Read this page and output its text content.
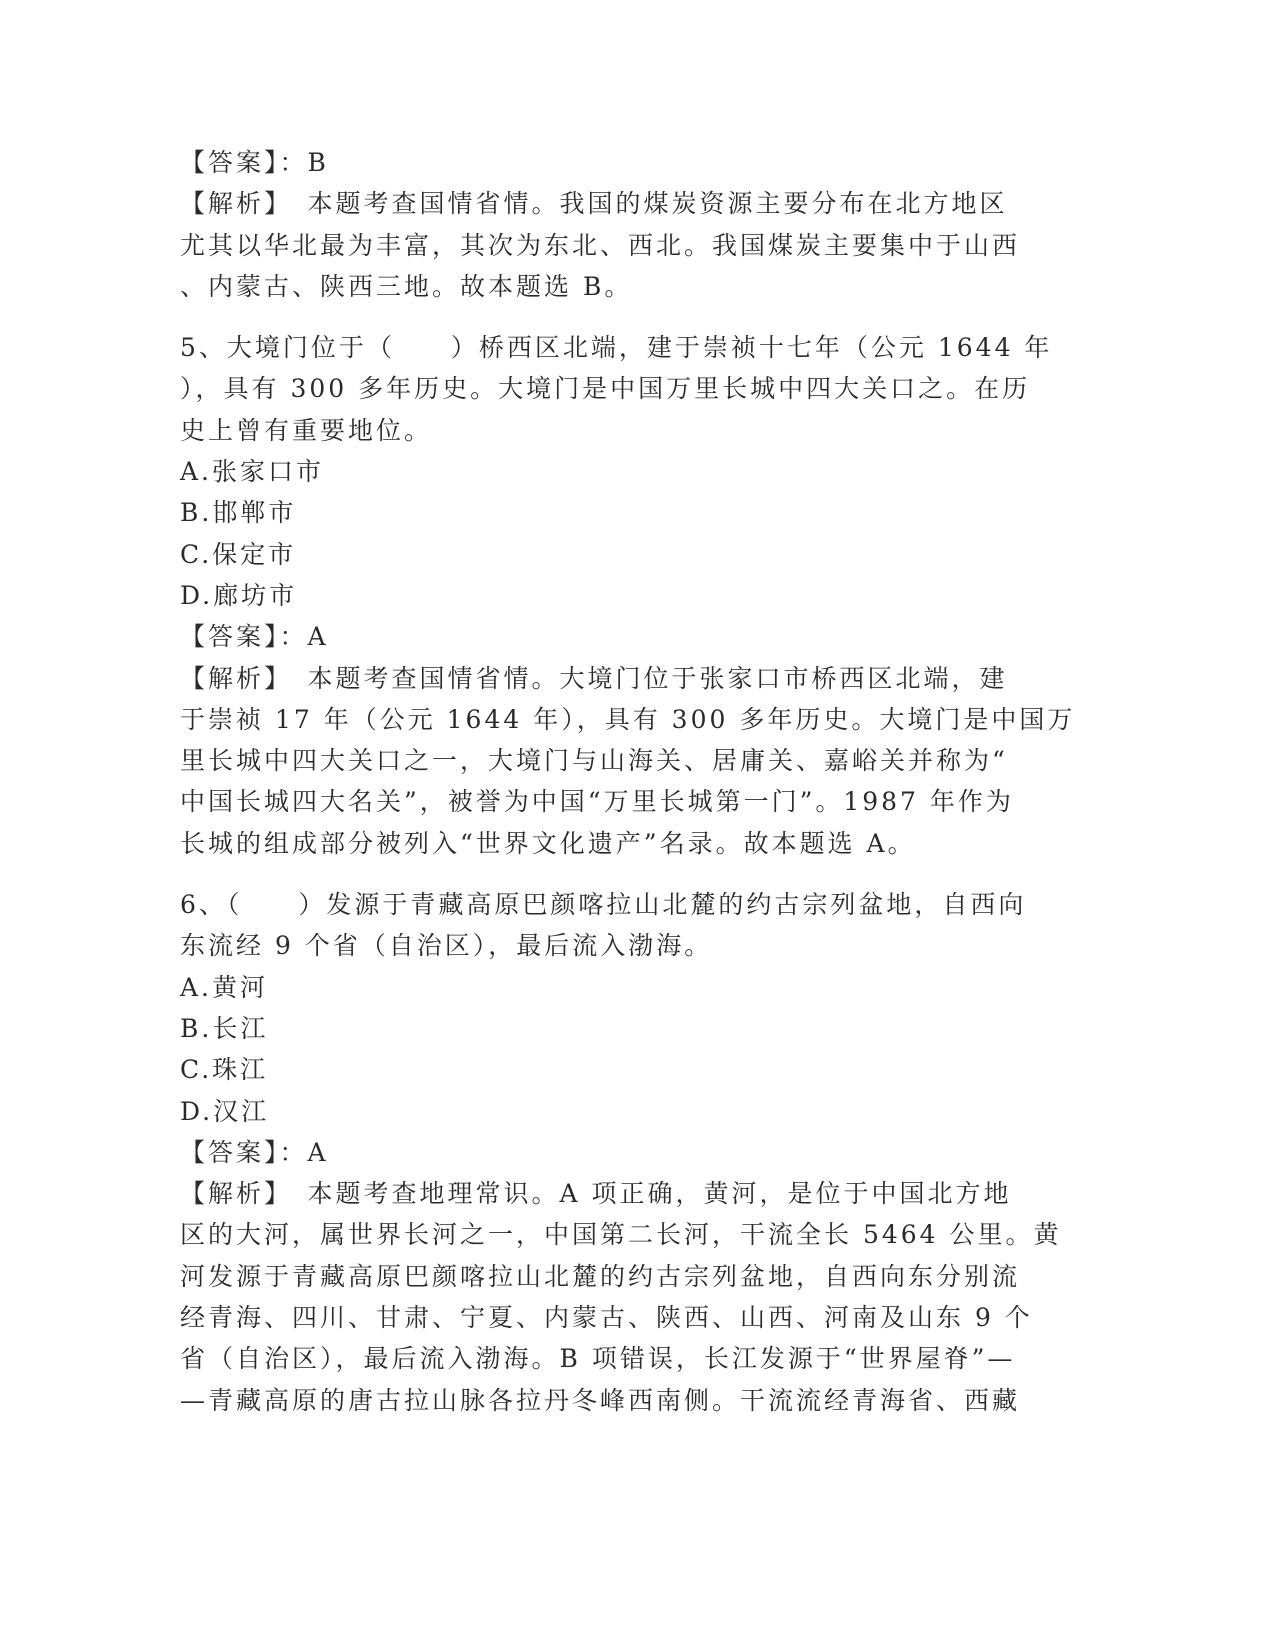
【答案】：B

【解析】　本题考查国情省情。我国的煤炭资源主要分布在北方地区

尤其以华北最为丰富，其次为东北、西北。我国煤炭主要集中于山西

、内蒙古、陕西三地。故本题选 B。

5、大境门位于（　　）桥西区北端，建于崇祯十七年（公元 1644 年

），具有 300 多年历史。大境门是中国万里长城中四大关口之。在历

史上曾有重要地位。

A.张家口市

B.邯郸市

C.保定市

D.廊坊市

【答案】：A

【解析】　本题考查国情省情。大境门位于张家口市桥西区北端，建

于崇祯 17 年（公元 1644 年），具有 300 多年历史。大境门是中国万

里长城中四大关口之一，大境门与山海关、居庸关、嘉峪关并称为“

中国长城四大名关”，被誉为中国“万里长城第一门”。1987 年作为

长城的组成部分被列入“世界文化遗产”名录。故本题选 A。

6、（　　）发源于青藏高原巴颜喀拉山北麓的约古宗列盆地，自西向

东流经 9 个省（自治区），最后流入渤海。

A.黄河

B.长江

C.珠江

D.汉江

【答案】：A

【解析】　本题考查地理常识。A 项正确，黄河，是位于中国北方地

区的大河，属世界长河之一，中国第二长河，干流全长 5464 公里。黄

河发源于青藏高原巴颜喀拉山北麓的约古宗列盆地，自西向东分别流

经青海、四川、甘肃、宁夏、内蒙古、陕西、山西、河南及山东 9 个

省（自治区），最后流入渤海。B 项错误，长江发源于“世界屋脊”—

—青藏高原的唐古拉山脉各拉丹冬峰西南侧。干流流经青海省、西藏
